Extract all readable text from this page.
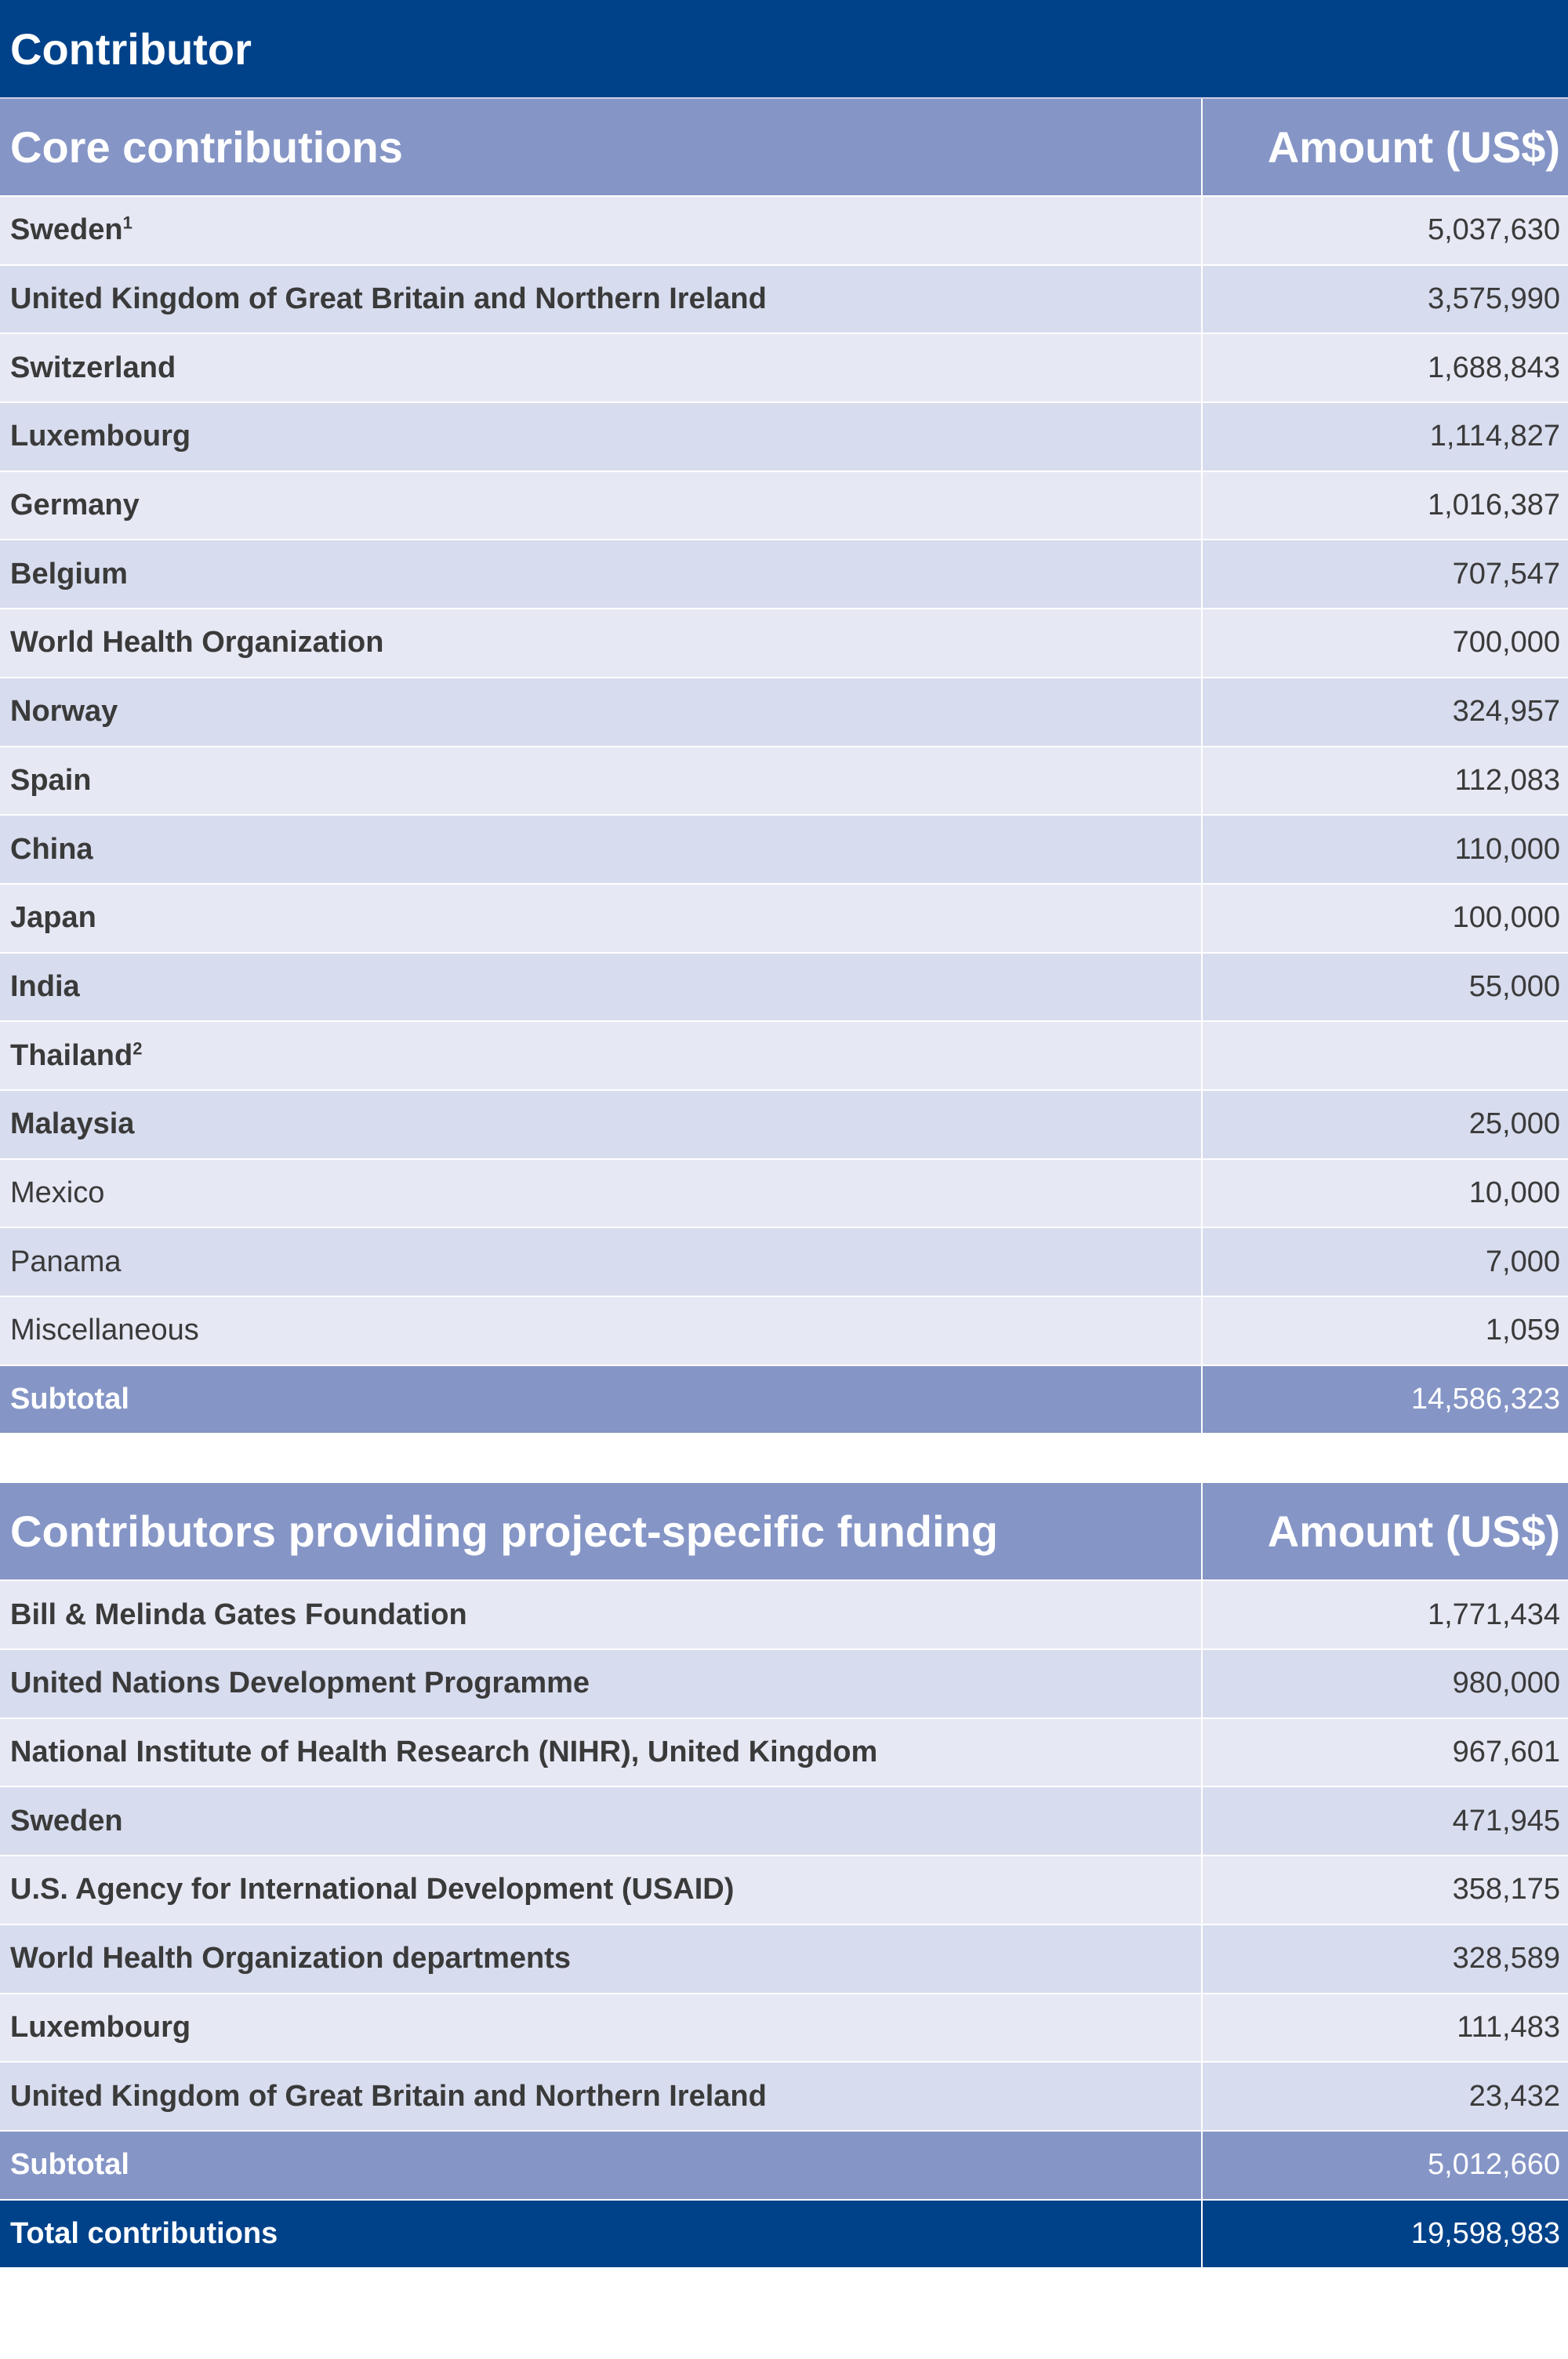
Contributor
Core contributions	Amount (US$)
Sweden$^1$	5,037,630
United Kingdom of Great Britain and Northern Ireland	3,575,990
Switzerland	1,688,843
Luxembourg	1,114,827
Germany	1,016,387
Belgium	707,547
World Health Organization	700,000
Norway	324,957
Spain	112,083
China	110,000
Japan	100,000
India	55,000
Thailand$^2$	
Malaysia	25,000
Mexico	10,000
Panama	7,000
Miscellaneous	1,059
Subtotal	14,586,323
Contributors providing project-specific funding	Amount (US$)
Bill & Melinda Gates Foundation	1,771,434
United Nations Development Programme	980,000
National Institute of Health Research (NIHR), United Kingdom	967,601
Sweden	471,945
U.S. Agency for International Development (USAID)	358,175
World Health Organization departments	328,589
Luxembourg	111,483
United Kingdom of Great Britain and Northern Ireland	23,432
Subtotal	5,012,660
Total contributions	19,598,983
